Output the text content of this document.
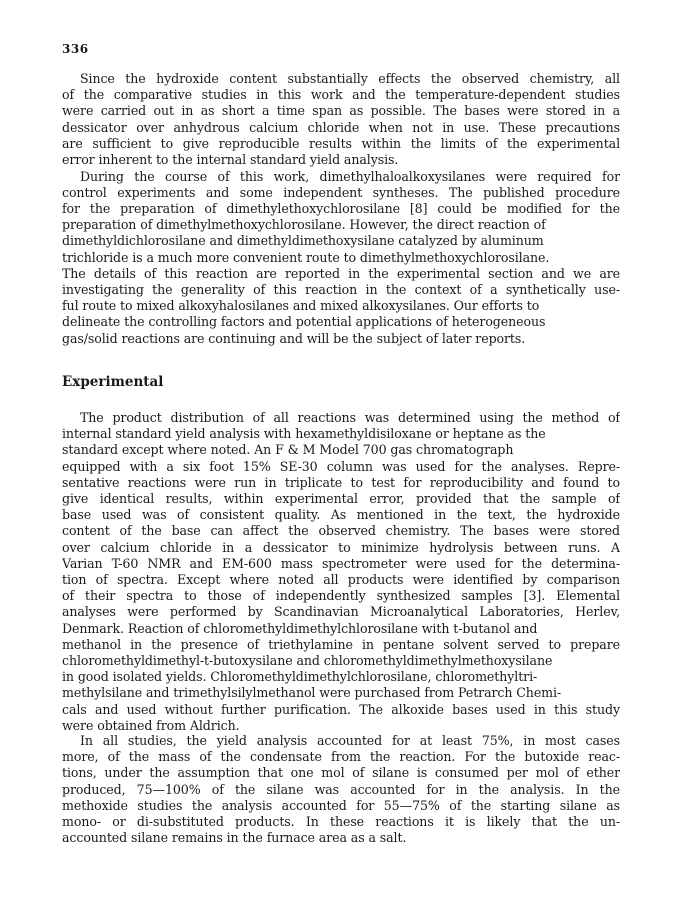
336
Since the hydroxide content substantially effects the observed chemistry, all
of the comparative studies in this work and the temperature-dependent studies
were carried out in as short a time span as possible. The bases were stored in a
dessicator over anhydrous calcium chloride when not in use. These precautions
are sufficient to give reproducible results within the limits of the experimental
error inherent to the internal standard yield analysis.
During the course of this work, dimethylhaloalkoxysilanes were required for
control experiments and some independent syntheses. The published procedure
for the preparation of dimethylethoxychlorosilane [8] could be modified for the
preparation of dimethylmethoxychlorosilane. However, the direct reaction of
dimethyldichlorosilane and dimethyldimethoxysilane catalyzed by aluminum
trichloride is a much more convenient route to dimethylmethoxychlorosilane.
The details of this reaction are reported in the experimental section and we are
investigating the generality of this reaction in the context of a synthetically use-
ful route to mixed alkoxyhalosilanes and mixed alkoxysilanes. Our efforts to
delineate the controlling factors and potential applications of heterogeneous
gas/solid reactions are continuing and will be the subject of later reports.
Experimental
The product distribution of all reactions was determined using the method of
internal standard yield analysis with hexamethyldisiloxane or heptane as the
standard except where noted. An F & M Model 700 gas chromatograph
equipped with a six foot 15% SE-30 column was used for the analyses. Repre-
sentative reactions were run in triplicate to test for reproducibility and found to
give identical results, within experimental error, provided that the sample of
base used was of consistent quality. As mentioned in the text, the hydroxide
content of the base can affect the observed chemistry. The bases were stored
over calcium chloride in a dessicator to minimize hydrolysis between runs. A
Varian T-60 NMR and EM-600 mass spectrometer were used for the determina-
tion of spectra. Except where noted all products were identified by comparison
of their spectra to those of independently synthesized samples [3]. Elemental
analyses were performed by Scandinavian Microanalytical Laboratories, Herlev,
Denmark. Reaction of chloromethyldimethylchlorosilane with t-butanol and
methanol in the presence of triethylamine in pentane solvent served to prepare
chloromethyldimethyl-t-butoxysilane and chloromethyldimethylmethoxysilane
in good isolated yields. Chloromethyldimethylchlorosilane, chloromethyltri-
methylsilane and trimethylsilylmethanol were purchased from Petrarch Chemi-
cals and used without further purification. The alkoxide bases used in this study
were obtained from Aldrich.
In all studies, the yield analysis accounted for at least 75%, in most cases
more, of the mass of the condensate from the reaction. For the butoxide reac-
tions, under the assumption that one mol of silane is consumed per mol of ether
produced, 75—100% of the silane was accounted for in the analysis. In the
methoxide studies the analysis accounted for 55—75% of the starting silane as
mono- or di-substituted products. In these reactions it is likely that the un-
accounted silane remains in the furnace area as a salt.
